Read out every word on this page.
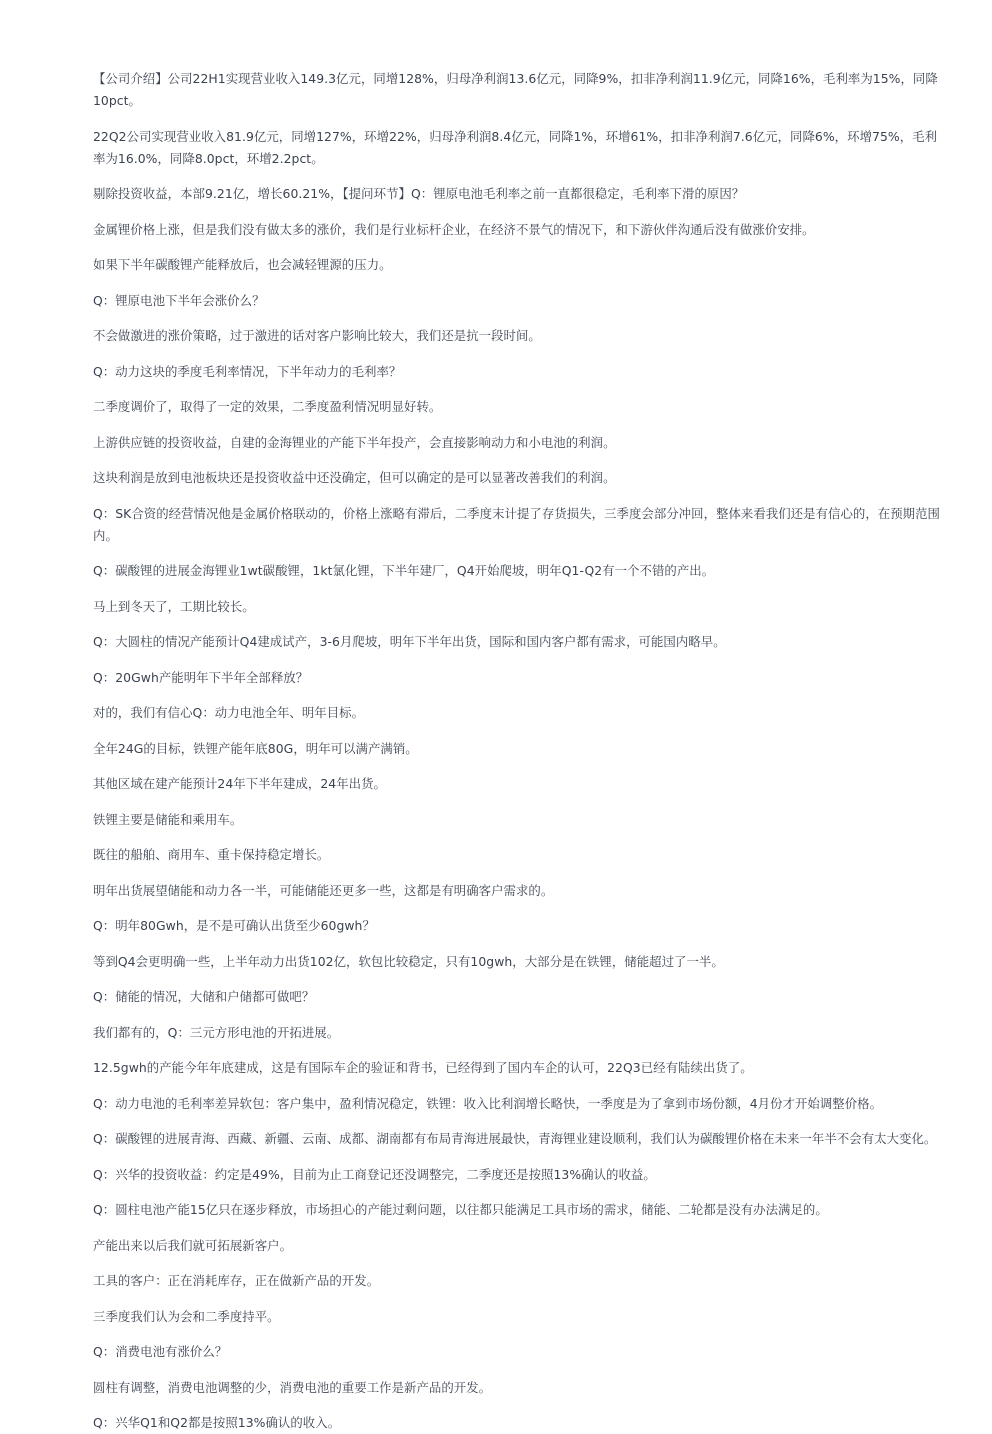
【公司介绍】公司22H1实现营业收入149.3亿元，同增128%，归母净利润13.6亿元，同降9%，扣非净利润11.9亿元，同降16%，毛利率为15%，同降10pct。

22Q2公司实现营业收入81.9亿元，同增127%，环增22%，归母净利润8.4亿元，同降1%，环增61%，扣非净利润7.6亿元，同降6%，环增75%，毛利率为16.0%，同降8.0pct，环增2.2pct。

剔除投资收益，本部9.21亿，增长60.21%，【提问环节】Q：锂原电池毛利率之前一直都很稳定，毛利率下滑的原因？

金属锂价格上涨，但是我们没有做太多的涨价，我们是行业标杆企业，在经济不景气的情况下，和下游伙伴沟通后没有做涨价安排。

如果下半年碳酸锂产能释放后，也会减轻锂源的压力。

Q：锂原电池下半年会涨价么？

不会做激进的涨价策略，过于激进的话对客户影响比较大，我们还是抗一段时间。

Q：动力这块的季度毛利率情况，下半年动力的毛利率？

二季度调价了，取得了一定的效果，二季度盈利情况明显好转。

上游供应链的投资收益，自建的金海锂业的产能下半年投产，会直接影响动力和小电池的利润。

这块利润是放到电池板块还是投资收益中还没确定，但可以确定的是可以显著改善我们的利润。

Q：SK合资的经营情况他是金属价格联动的，价格上涨略有滞后，二季度末计提了存货损失，三季度会部分冲回，整体来看我们还是有信心的，在预期范围内。

Q：碳酸锂的进展金海锂业1wt碳酸锂，1kt氯化锂，下半年建厂，Q4开始爬坡，明年Q1-Q2有一个不错的产出。

马上到冬天了，工期比较长。

Q：大圆柱的情况产能预计Q4建成试产，3-6月爬坡，明年下半年出货，国际和国内客户都有需求，可能国内略早。

Q：20Gwh产能明年下半年全部释放？

对的，我们有信心Q：动力电池全年、明年目标。

全年24G的目标，铁锂产能年底80G，明年可以满产满销。

其他区域在建产能预计24年下半年建成，24年出货。

铁锂主要是储能和乘用车。

既往的船舶、商用车、重卡保持稳定增长。

明年出货展望储能和动力各一半，可能储能还更多一些，这都是有明确客户需求的。

Q：明年80Gwh，是不是可确认出货至少60gwh？

等到Q4会更明确一些，上半年动力出货102亿，软包比较稳定，只有10gwh，大部分是在铁锂，储能超过了一半。

Q：储能的情况，大储和户储都可做吧？

我们都有的，Q：三元方形电池的开拓进展。

12.5gwh的产能今年年底建成，这是有国际车企的验证和背书，已经得到了国内车企的认可，22Q3已经有陆续出货了。

Q：动力电池的毛利率差异软包：客户集中，盈利情况稳定，铁锂：收入比利润增长略快，一季度是为了拿到市场份额，4月份才开始调整价格。

Q：碳酸锂的进展青海、西藏、新疆、云南、成都、湖南都有布局青海进展最快，青海锂业建设顺利，我们认为碳酸锂价格在未来一年半不会有太大变化。

Q：兴华的投资收益：约定是49%，目前为止工商登记还没调整完，二季度还是按照13%确认的收益。

Q：圆柱电池产能15亿只在逐步释放，市场担心的产能过剩问题，以往都只能满足工具市场的需求，储能、二轮都是没有办法满足的。

产能出来以后我们就可拓展新客户。

工具的客户：正在消耗库存，正在做新产品的开发。

三季度我们认为会和二季度持平。

Q：消费电池有涨价么？

圆柱有调整，消费电池调整的少，消费电池的重要工作是新产品的开发。

Q：兴华Q1和Q2都是按照13%确认的收入。
